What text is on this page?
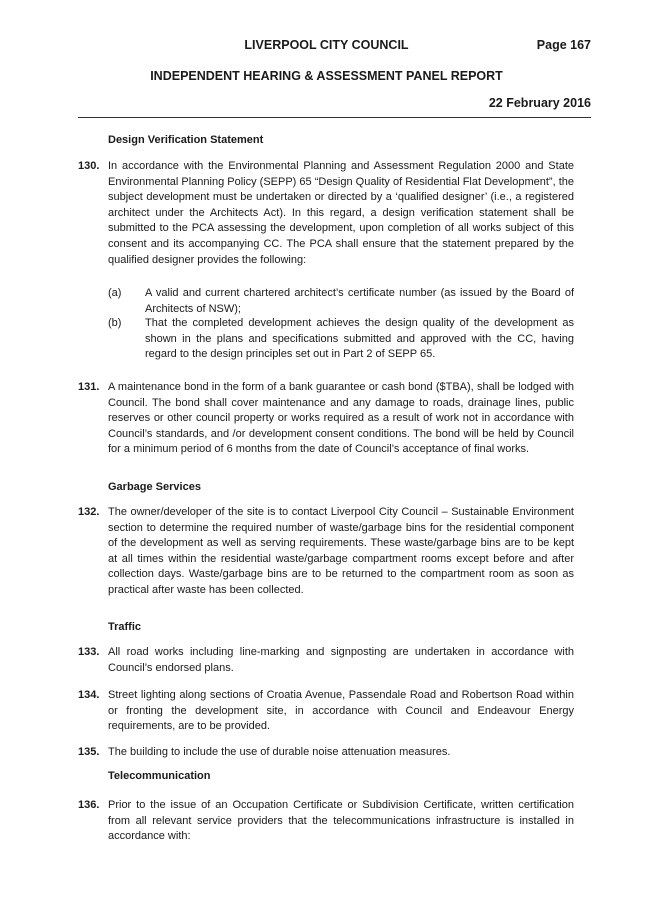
LIVERPOOL CITY COUNCIL	Page 167
INDEPENDENT HEARING & ASSESSMENT PANEL REPORT
22 February 2016
Design Verification Statement
130. In accordance with the Environmental Planning and Assessment Regulation 2000 and State Environmental Planning Policy (SEPP) 65 “Design Quality of Residential Flat Development”, the subject development must be undertaken or directed by a ‘qualified designer’ (i.e., a registered architect under the Architects Act). In this regard, a design verification statement shall be submitted to the PCA assessing the development, upon completion of all works subject of this consent and its accompanying CC. The PCA shall ensure that the statement prepared by the qualified designer provides the following:
(a) A valid and current chartered architect’s certificate number (as issued by the Board of Architects of NSW);
(b) That the completed development achieves the design quality of the development as shown in the plans and specifications submitted and approved with the CC, having regard to the design principles set out in Part 2 of SEPP 65.
131. A maintenance bond in the form of a bank guarantee or cash bond ($TBA), shall be lodged with Council. The bond shall cover maintenance and any damage to roads, drainage lines, public reserves or other council property or works required as a result of work not in accordance with Council’s standards, and /or development consent conditions. The bond will be held by Council for a minimum period of 6 months from the date of Council’s acceptance of final works.
Garbage Services
132. The owner/developer of the site is to contact Liverpool City Council – Sustainable Environment section to determine the required number of waste/garbage bins for the residential component of the development as well as serving requirements. These waste/garbage bins are to be kept at all times within the residential waste/garbage compartment rooms except before and after collection days. Waste/garbage bins are to be returned to the compartment room as soon as practical after waste has been collected.
Traffic
133. All road works including line-marking and signposting are undertaken in accordance with Council’s endorsed plans.
134. Street lighting along sections of Croatia Avenue, Passendale Road and Robertson Road within or fronting the development site, in accordance with Council and Endeavour Energy requirements, are to be provided.
135. The building to include the use of durable noise attenuation measures.
Telecommunication
136. Prior to the issue of an Occupation Certificate or Subdivision Certificate, written certification from all relevant service providers that the telecommunications infrastructure is installed in accordance with:
